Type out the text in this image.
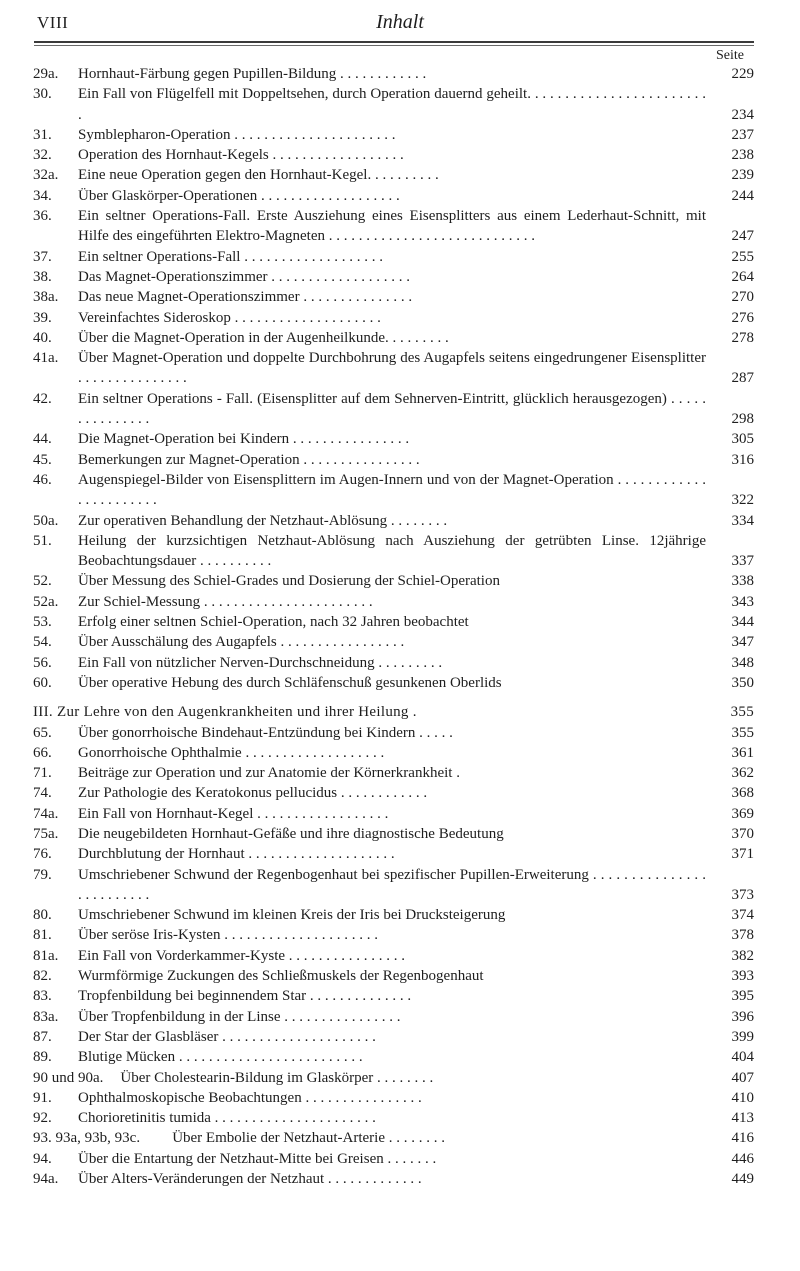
VIII	Inhalt
Seite
29a.	Hornhaut-Färbung gegen Pupillen-Bildung . . . . . . . . . . . .	229
30.	Ein Fall von Flügelfell mit Doppeltsehen, durch Operation dauernd geheilt. . . . . . . . . . . . . . . . . . . . . . . . .	234
31.	Symblepharon-Operation . . . . . . . . . . . . . . . . . . . . . .	237
32.	Operation des Hornhaut-Kegels . . . . . . . . . . . . . . . . . .	238
32a.	Eine neue Operation gegen den Hornhaut-Kegel. . . . . . . . . .	239
34.	Über Glaskörper-Operationen . . . . . . . . . . . . . . . . . . .	244
36.	Ein seltner Operations-Fall. Erste Ausziehung eines Eisensplitters aus einem Lederhaut-Schnitt, mit Hilfe des eingeführten Elektro-Magneten . . . . . . . . . . . . . . . . . . . . . . . . . . . .	247
37.	Ein seltner Operations-Fall . . . . . . . . . . . . . . . . . . .	255
38.	Das Magnet-Operationszimmer . . . . . . . . . . . . . . . . . . .	264
38a.	Das neue Magnet-Operationszimmer . . . . . . . . . . . . . . .	270
39.	Vereinfachtes Sideroskop . . . . . . . . . . . . . . . . . . . .	276
40.	Über die Magnet-Operation in der Augenheilkunde. . . . . . . . .	278
41a.	Über Magnet-Operation und doppelte Durchbohrung des Augapfels seitens eingedrungener Eisensplitter . . . . . . . . . . . . . . .	287
42.	Ein seltner Operations - Fall. (Eisensplitter auf dem Sehnerven-Eintritt, glücklich herausgezogen) . . . . . . . . . . . . . . .	298
44.	Die Magnet-Operation bei Kindern . . . . . . . . . . . . . . . .	305
45.	Bemerkungen zur Magnet-Operation . . . . . . . . . . . . . . . .	316
46.	Augenspiegel-Bilder von Eisensplittern im Augen-Innern und von der Magnet-Operation . . . . . . . . . . . . . . . . . . . . . . .	322
50a.	Zur operativen Behandlung der Netzhaut-Ablösung . . . . . . . .	334
51.	Heilung der kurzsichtigen Netzhaut-Ablösung nach Ausziehung der getrübten Linse. 12jährige Beobachtungsdauer . . . . . . . . . .	337
52.	Über Messung des Schiel-Grades und Dosierung der Schiel-Operation	338
52a.	Zur Schiel-Messung . . . . . . . . . . . . . . . . . . . . . . .	343
53.	Erfolg einer seltnen Schiel-Operation, nach 32 Jahren beobachtet	344
54.	Über Ausschälung des Augapfels . . . . . . . . . . . . . . . . .	347
56.	Ein Fall von nützlicher Nerven-Durchschneidung . . . . . . . . .	348
60.	Über operative Hebung des durch Schläfenschuß gesunkenen Oberlids	350
III. Zur Lehre von den Augenkrankheiten und ihrer Heilung .	355
65.	Über gonorrhoische Bindehaut-Entzündung bei Kindern . . . . .	355
66.	Gonorrhoische Ophthalmie . . . . . . . . . . . . . . . . . . .	361
71.	Beiträge zur Operation und zur Anatomie der Körnerkrankheit .	362
74.	Zur Pathologie des Keratokonus pellucidus . . . . . . . . . . . .	368
74a.	Ein Fall von Hornhaut-Kegel . . . . . . . . . . . . . . . . . .	369
75a.	Die neugebildeten Hornhaut-Gefäße und ihre diagnostische Bedeutung	370
76.	Durchblutung der Hornhaut . . . . . . . . . . . . . . . . . . . .	371
79.	Umschriebener Schwund der Regenbogenhaut bei spezifischer Pupillen-Erweiterung . . . . . . . . . . . . . . . . . . . . . . . . .	373
80.	Umschriebener Schwund im kleinen Kreis der Iris bei Drucksteigerung	374
81.	Über seröse Iris-Kysten . . . . . . . . . . . . . . . . . . . . .	378
81a.	Ein Fall von Vorderkammer-Kyste . . . . . . . . . . . . . . . .	382
82.	Wurmförmige Zuckungen des Schließmuskels der Regenbogenhaut	393
83.	Tropfenbildung bei beginnendem Star . . . . . . . . . . . . . .	395
83a.	Über Tropfenbildung in der Linse . . . . . . . . . . . . . . . .	396
87.	Der Star der Glasbläser . . . . . . . . . . . . . . . . . . . . .	399
89.	Blutige Mücken . . . . . . . . . . . . . . . . . . . . . . . . .	404
90 und 90a.	Über Cholestearin-Bildung im Glaskörper . . . . . . . .	407
91.	Ophthalmoskopische Beobachtungen . . . . . . . . . . . . . . . .	410
92.	Chorioretinitis tumida . . . . . . . . . . . . . . . . . . . . . .	413
93. 93a, 93b, 93c.	Über Embolie der Netzhaut-Arterie . . . . . . . .	416
94.	Über die Entartung der Netzhaut-Mitte bei Greisen . . . . . . .	446
94a.	Über Alters-Veränderungen der Netzhaut . . . . . . . . . . . . .	449
